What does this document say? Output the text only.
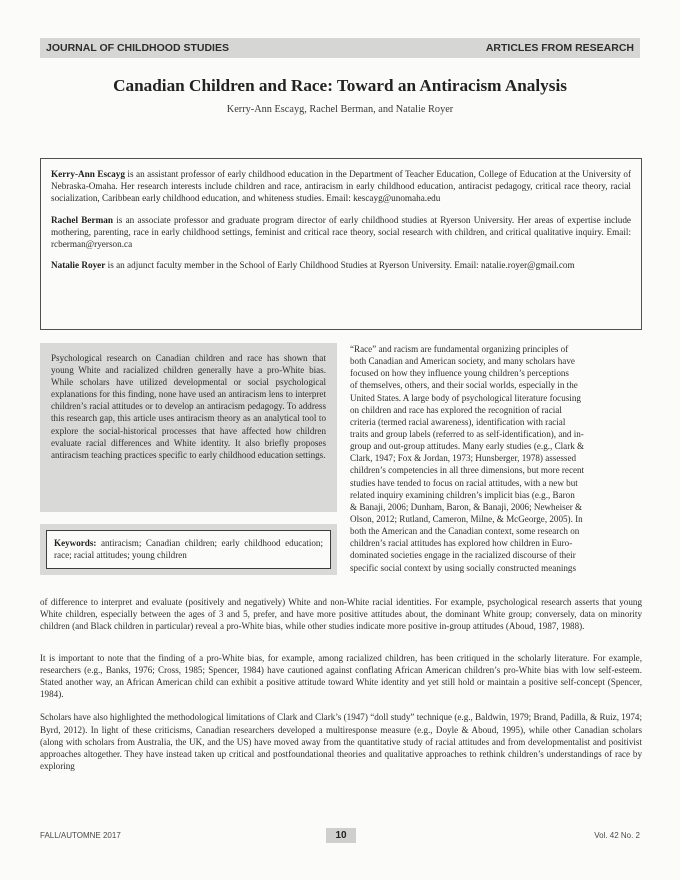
JOURNAL OF CHILDHOOD STUDIES	ARTICLES FROM RESEARCH
Canadian Children and Race: Toward an Antiracism Analysis
Kerry-Ann Escayg, Rachel Berman, and Natalie Royer

Kerry-Ann Escayg is an assistant professor of early childhood education in the Department of Teacher Education, College of Education at the University of Nebraska-Omaha. Her research interests include children and race, antiracism in early childhood education, antiracist pedagogy, critical race theory, racial socialization, Caribbean early childhood education, and whiteness studies. Email: kescayg@unomaha.edu

Rachel Berman is an associate professor and graduate program director of early childhood studies at Ryerson University. Her areas of expertise include mothering, parenting, race in early childhood settings, feminist and critical race theory, social research with children, and critical qualitative inquiry. Email: rcberman@ryerson.ca

Natalie Royer is an adjunct faculty member in the School of Early Childhood Studies at Ryerson University. Email: natalie.royer@gmail.com

Psychological research on Canadian children and race has shown that young White and racialized children generally have a pro-White bias. While scholars have utilized developmental or social psychological explanations for this finding, none have used an antiracism lens to interpret children’s racial attitudes or to develop an antiracism pedagogy. To address this research gap, this article uses antiracism theory as an analytical tool to explore the social-historical processes that have affected how children evaluate racial differences and White identity. It also briefly proposes antiracism teaching practices specific to early childhood education settings.

Keywords: antiracism; Canadian children; early childhood education; race; racial attitudes; young children
“Race” and racism are fundamental organizing principles of
both Canadian and American society, and many scholars have
focused on how they influence young children’s perceptions
of themselves, others, and their social worlds, especially in the
United States. A large body of psychological literature focusing
on children and race has explored the recognition of racial
criteria (termed racial awareness), identification with racial
traits and group labels (referred to as self-identification), and in-
group and out-group attitudes. Many early studies (e.g., Clark &
Clark, 1947; Fox & Jordan, 1973; Hunsberger, 1978) assessed
children’s competencies in all three dimensions, but more recent
studies have tended to focus on racial attitudes, with a new but
related inquiry examining children’s implicit bias (e.g., Baron
& Banaji, 2006; Dunham, Baron, & Banaji, 2006; Newheiser &
Olson, 2012; Rutland, Cameron, Milne, & McGeorge, 2005). In
both the American and the Canadian context, some research on
children’s racial attitudes has explored how children in Euro-
dominated societies engage in the racialized discourse of their
specific social context by using socially constructed meanings

of difference to interpret and evaluate (positively and negatively) White and non-White racial identities. For example, psychological research asserts that young White children, especially between the ages of 3 and 5, prefer, and have more positive attitudes about, the dominant White group; conversely, data on minority children (and Black children in particular) reveal a pro-White bias, while other studies indicate more positive in-group attitudes (Aboud, 1987, 1988).

It is important to note that the finding of a pro-White bias, for example, among racialized children, has been critiqued in the scholarly literature. For example, researchers (e.g., Banks, 1976; Cross, 1985; Spencer, 1984) have cautioned against conflating African American children’s pro-White bias with low self-esteem. Stated another way, an African American child can exhibit a positive attitude toward White identity and yet still hold or maintain a positive self-concept (Spencer, 1984).

Scholars have also highlighted the methodological limitations of Clark and Clark’s (1947) “doll study” technique (e.g., Baldwin, 1979; Brand, Padilla, & Ruiz, 1974; Byrd, 2012). In light of these criticisms, Canadian researchers developed a multiresponse measure (e.g., Doyle & Aboud, 1995), while other Canadian scholars (along with scholars from Australia, the UK, and the US) have moved away from the quantitative study of racial attitudes and from developmentalist and positivist approaches altogether. They have instead taken up critical and postfoundational theories and qualitative approaches to rethink children’s understandings of race by exploring

FALL/AUTOMNE 2017	10	Vol. 42 No. 2
